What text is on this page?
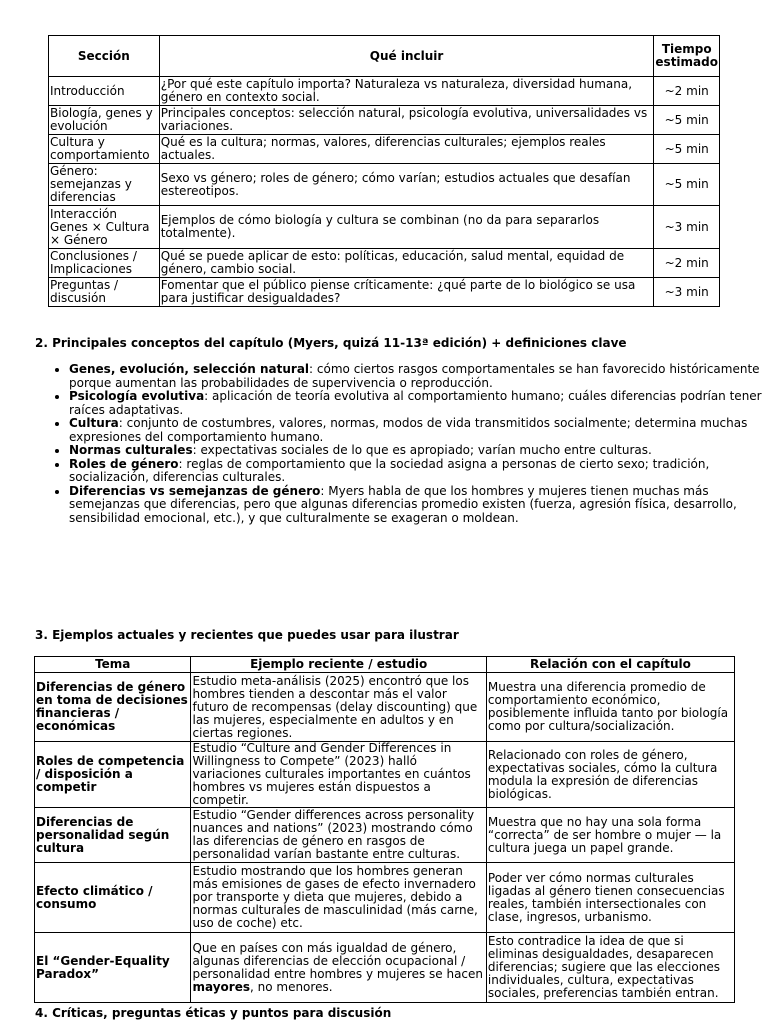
Sección	Qué incluir	Tiempo estimado
Introducción	¿Por qué este capítulo importa? Naturaleza vs naturaleza, diversidad humana, género en contexto social.	~2 min
Biología, genes y evolución	Principales conceptos: selección natural, psicología evolutiva, universalidades vs variaciones.	~5 min
Cultura y comportamiento	Qué es la cultura; normas, valores, diferencias culturales; ejemplos reales actuales.	~5 min
Género: semejanzas y diferencias	Sexo vs género; roles de género; cómo varían; estudios actuales que desafían estereotipos.	~5 min
Interacción Genes × Cultura × Género	Ejemplos de cómo biología y cultura se combinan (no da para separarlos totalmente).	~3 min
Conclusiones / Implicaciones	Qué se puede aplicar de esto: políticas, educación, salud mental, equidad de género, cambio social.	~2 min
Preguntas / discusión	Fomentar que el público piense críticamente: ¿qué parte de lo biológico se usa para justificar desigualdades?	~3 min

2. Principales conceptos del capítulo (Myers, quizá 11-13ª edición) + definiciones clave

• Genes, evolución, selección natural: cómo ciertos rasgos comportamentales se han favorecido históricamente porque aumentan las probabilidades de supervivencia o reproducción.
• Psicología evolutiva: aplicación de teoría evolutiva al comportamiento humano; cuáles diferencias podrían tener raíces adaptativas.
• Cultura: conjunto de costumbres, valores, normas, modos de vida transmitidos socialmente; determina muchas expresiones del comportamiento humano.
• Normas culturales: expectativas sociales de lo que es apropiado; varían mucho entre culturas.
• Roles de género: reglas de comportamiento que la sociedad asigna a personas de cierto sexo; tradición, socialización, diferencias culturales.
• Diferencias vs semejanzas de género: Myers habla de que los hombres y mujeres tienen muchas más semejanzas que diferencias, pero que algunas diferencias promedio existen (fuerza, agresión física, desarrollo, sensibilidad emocional, etc.), y que culturalmente se exageran o moldean.

3. Ejemplos actuales y recientes que puedes usar para ilustrar

Tema	Ejemplo reciente / estudio	Relación con el capítulo
Diferencias de género en toma de decisiones financieras / económicas	Estudio meta-análisis (2025) encontró que los hombres tienden a descontar más el valor futuro de recompensas (delay discounting) que las mujeres, especialmente en adultos y en ciertas regiones.	Muestra una diferencia promedio de comportamiento económico, posiblemente influida tanto por biología como por cultura/socialización.
Roles de competencia / disposición a competir	Estudio “Culture and Gender Differences in Willingness to Compete” (2023) halló variaciones culturales importantes en cuántos hombres vs mujeres están dispuestos a competir.	Relacionado con roles de género, expectativas sociales, cómo la cultura modula la expresión de diferencias biológicas.
Diferencias de personalidad según cultura	Estudio “Gender differences across personality nuances and nations” (2023) mostrando cómo las diferencias de género en rasgos de personalidad varían bastante entre culturas.	Muestra que no hay una sola forma “correcta” de ser hombre o mujer — la cultura juega un papel grande.
Efecto climático / consumo	Estudio mostrando que los hombres generan más emisiones de gases de efecto invernadero por transporte y dieta que mujeres, debido a normas culturales de masculinidad (más carne, uso de coche) etc.	Poder ver cómo normas culturales ligadas al género tienen consecuencias reales, también intersectionales con clase, ingresos, urbanismo.
El “Gender-Equality Paradox”	Que en países con más igualdad de género, algunas diferencias de elección ocupacional / personalidad entre hombres y mujeres se hacen mayores, no menores.	Esto contradice la idea de que si eliminas desigualdades, desaparecen diferencias; sugiere que las elecciones individuales, cultura, expectativas sociales, preferencias también entran.

4. Críticas, preguntas éticas y puntos para discusión
